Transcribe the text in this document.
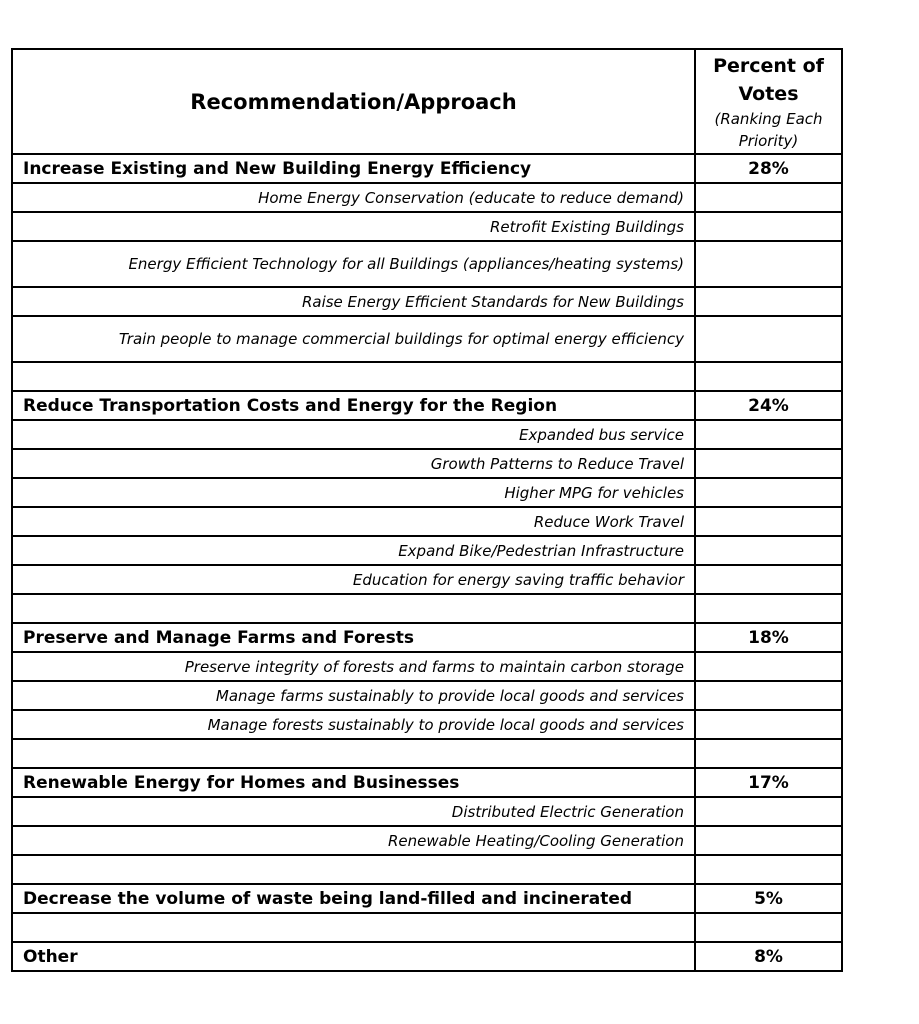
Recommendation/Approach	Percent of Votes
(Ranking Each Priority)

Increase Existing and New Building Energy Efficiency	28%
Home Energy Conservation (educate to reduce demand)	
Retrofit Existing Buildings	
Energy Efficient Technology for all Buildings (appliances/heating systems)	
Raise Energy Efficient Standards for New Buildings	
Train people to manage commercial buildings for optimal energy efficiency	

Reduce Transportation Costs and Energy for the Region	24%
Expanded bus service	
Growth Patterns to Reduce Travel	
Higher MPG for vehicles	
Reduce Work Travel	
Expand Bike/Pedestrian Infrastructure	
Education for energy saving traffic behavior	

Preserve and Manage Farms and Forests	18%
Preserve integrity of forests and farms to maintain carbon storage	
Manage farms sustainably to provide local goods and services	
Manage forests sustainably to provide local goods and services	

Renewable Energy for Homes and Businesses	17%
Distributed Electric Generation	
Renewable Heating/Cooling Generation	

Decrease the volume of waste being land-filled and incinerated	5%

Other	8%
